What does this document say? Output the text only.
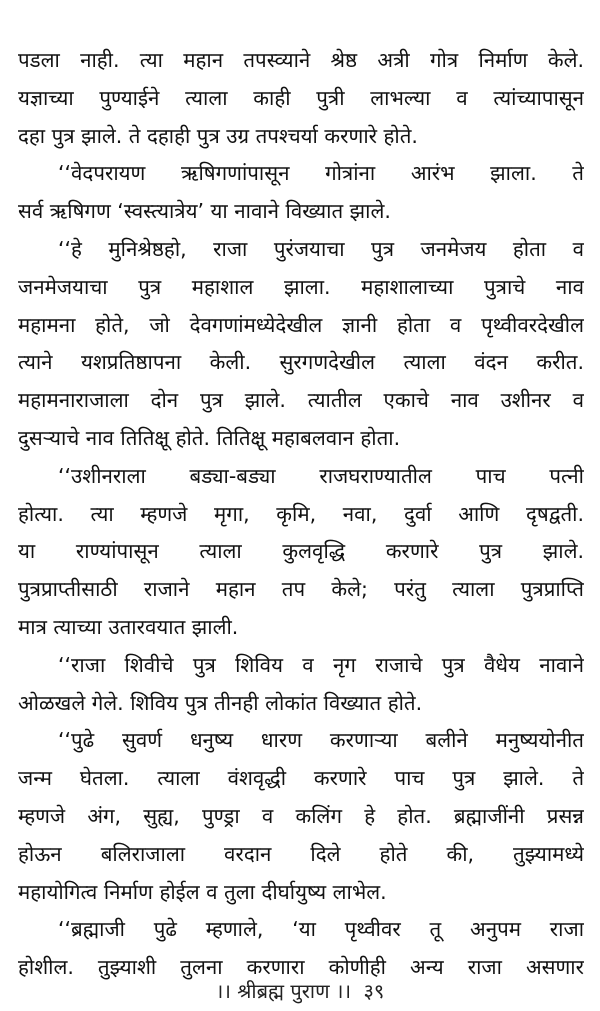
पडला नाही. त्या महान तपस्व्याने श्रेष्ठ अत्री गोत्र निर्माण केले.
यज्ञाच्या पुण्याईने त्याला काही पुत्री लाभल्या व त्यांच्यापासून
दहा पुत्र झाले. ते दहाही पुत्र उग्र तपश्चर्या करणारे होते.
‘‘वेदपरायण ऋषिगणांपासून गोत्रांना आरंभ झाला. ते
सर्व ऋषिगण ‘स्वस्त्यात्रेय’ या नावाने विख्यात झाले.
‘‘हे मुनिश्रेष्ठहो, राजा पुरंजयाचा पुत्र जनमेजय होता व
जनमेजयाचा पुत्र महाशाल झाला. महाशालाच्या पुत्राचे नाव
महामना होते, जो देवगणांमध्येदेखील ज्ञानी होता व पृथ्वीवरदेखील
त्याने यशप्रतिष्ठापना केली. सुरगणदेखील त्याला वंदन करीत.
महामनाराजाला दोन पुत्र झाले. त्यातील एकाचे नाव उशीनर व
दुसऱ्याचे नाव तितिक्षू होते. तितिक्षू महाबलवान होता.
‘‘उशीनराला बड्या-बड्या राजघराण्यातील पाच पत्नी
होत्या. त्या म्हणजे मृगा, कृमि, नवा, दुर्वा आणि दृषद्वती.
या राण्यांपासून त्याला कुलवृद्धि करणारे पुत्र झाले.
पुत्रप्राप्तीसाठी राजाने महान तप केले; परंतु त्याला पुत्रप्राप्ति
मात्र त्याच्या उतारवयात झाली.
‘‘राजा शिवीचे पुत्र शिविय व नृग राजाचे पुत्र वैधेय नावाने
ओळखले गेले. शिविय पुत्र तीनही लोकांत विख्यात होते.
‘‘पुढे सुवर्ण धनुष्य धारण करणाऱ्या बलीने मनुष्ययोनीत
जन्म घेतला. त्याला वंशवृद्धी करणारे पाच पुत्र झाले. ते
म्हणजे अंग, सुह्य, पुण्ड्रा व कलिंग हे होत. ब्रह्माजींनी प्रसन्न
होऊन बलिराजाला वरदान दिले होते की, तुझ्यामध्ये
महायोगित्व निर्माण होईल व तुला दीर्घायुष्य लाभेल.
‘‘ब्रह्माजी पुढे म्हणाले, ‘या पृथ्वीवर तू अनुपम राजा
होशील. तुझ्याशी तुलना करणारा कोणीही अन्य राजा असणार
।। श्रीब्रह्म पुराण ।। ३९
